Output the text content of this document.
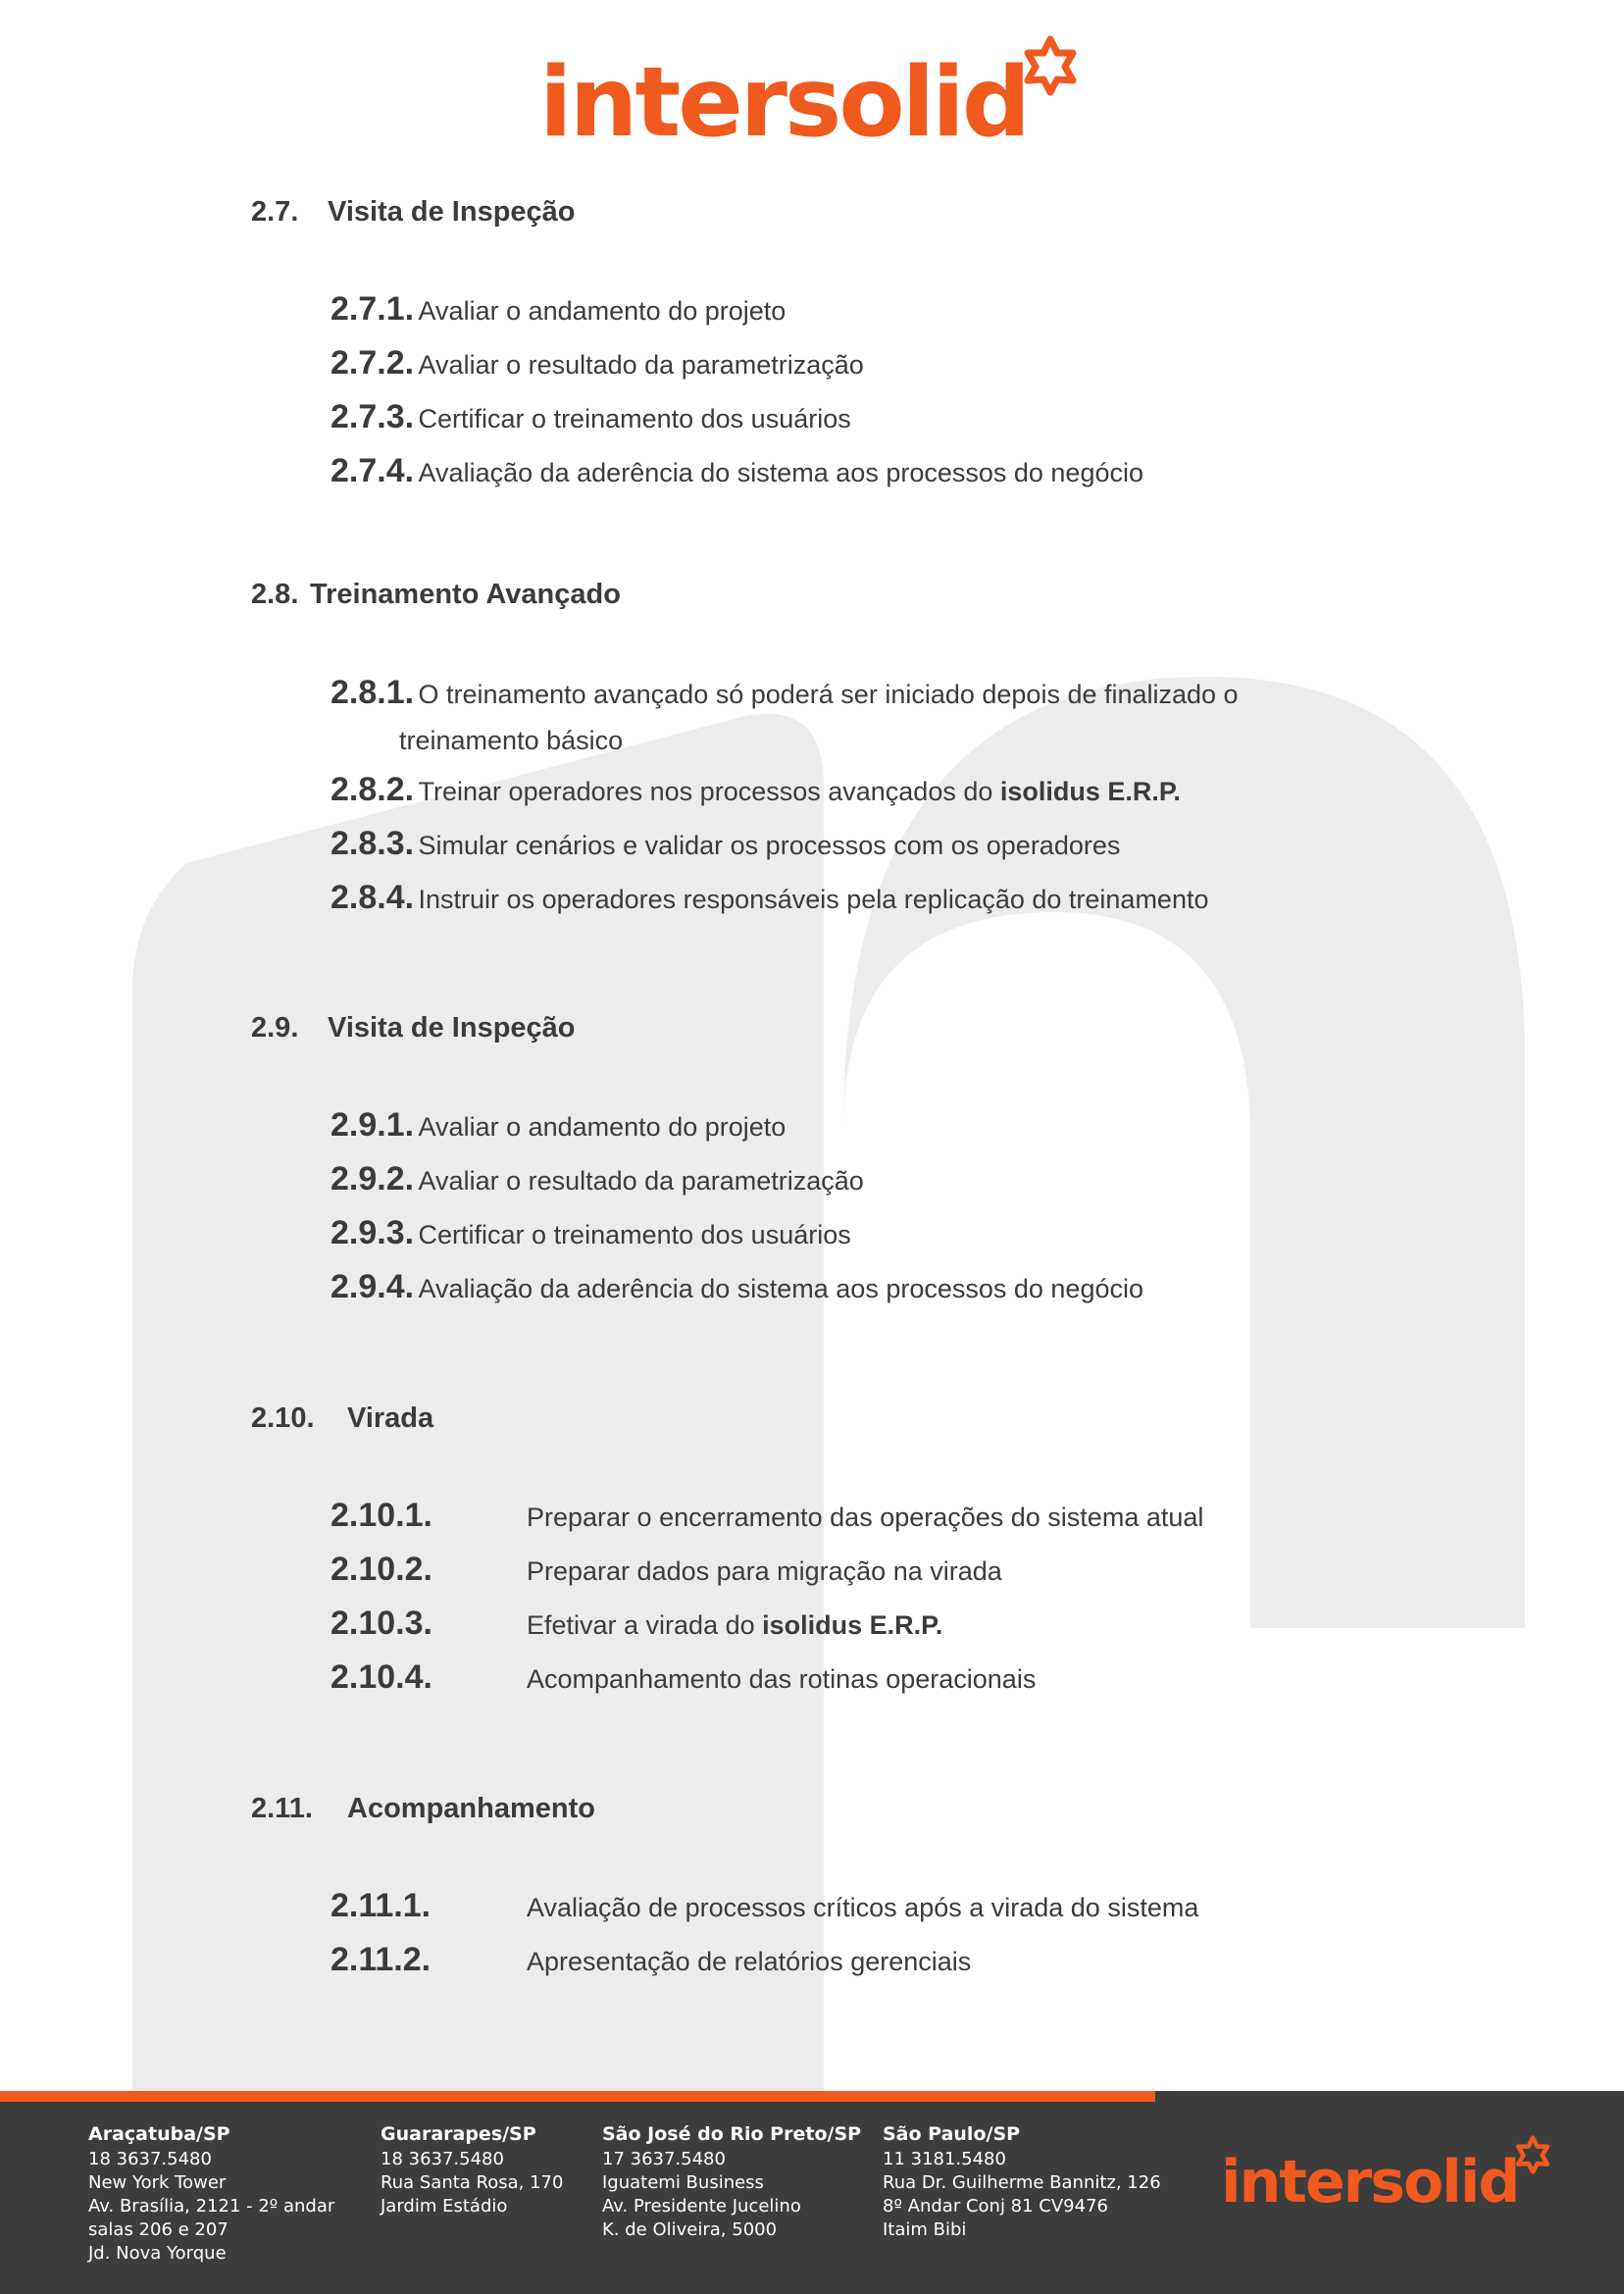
intersolid
2.7. Visita de Inspeção
2.7.1. Avaliar o andamento do projeto
2.7.2. Avaliar o resultado da parametrização
2.7.3. Certificar o treinamento dos usuários
2.7.4. Avaliação da aderência do sistema aos processos do negócio
2.8. Treinamento Avançado
2.8.1. O treinamento avançado só poderá ser iniciado depois de finalizado o
treinamento básico
2.8.2. Treinar operadores nos processos avançados do isolidus E.R.P.
2.8.3. Simular cenários e validar os processos com os operadores
2.8.4. Instruir os operadores responsáveis pela replicação do treinamento
2.9. Visita de Inspeção
2.9.1. Avaliar o andamento do projeto
2.9.2. Avaliar o resultado da parametrização
2.9.3. Certificar o treinamento dos usuários
2.9.4. Avaliação da aderência do sistema aos processos do negócio
2.10. Virada
2.10.1.	Preparar o encerramento das operações do sistema atual
2.10.2.	Preparar dados para migração na virada
2.10.3.	Efetivar a virada do isolidus E.R.P.
2.10.4.	Acompanhamento das rotinas operacionais
2.11. Acompanhamento
2.11.1.	Avaliação de processos críticos após a virada do sistema
2.11.2.	Apresentação de relatórios gerenciais
Araçatuba/SP
18 3637.5480
New York Tower
Av. Brasília, 2121 - 2º andar
salas 206 e 207
Jd. Nova Yorque
Guararapes/SP
18 3637.5480
Rua Santa Rosa, 170
Jardim Estádio
São José do Rio Preto/SP
17 3637.5480
Iguatemi Business
Av. Presidente Jucelino
K. de Oliveira, 5000
São Paulo/SP
11 3181.5480
Rua Dr. Guilherme Bannitz, 126
8º Andar Conj 81 CV9476
Itaim Bibi
intersolid
